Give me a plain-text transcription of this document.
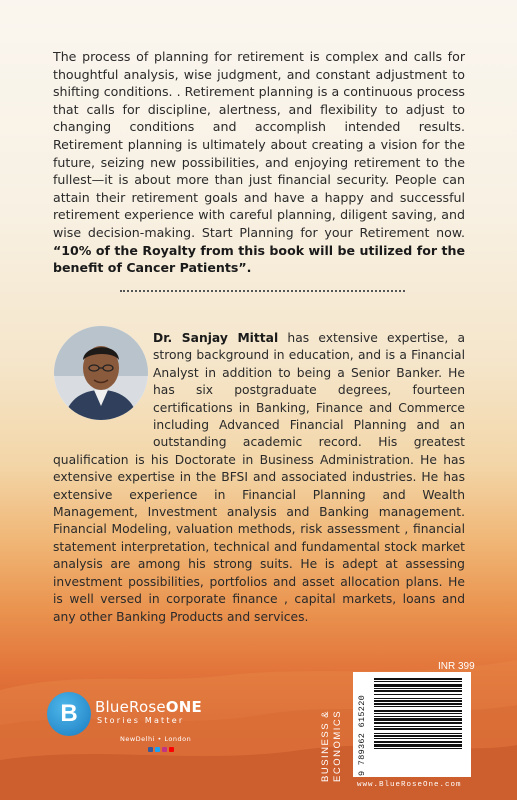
The process of planning for retirement is complex and calls for thoughtful analysis, wise judgment, and constant adjustment to shifting conditions. . Retirement planning is a continuous process that calls for discipline, alertness, and flexibility to adjust to changing conditions and accomplish intended results. Retirement planning is ultimately about creating a vision for the future, seizing new possibilities, and enjoying retirement to the fullest—it is about more than just financial security. People can attain their retirement goals and have a happy and successful retirement experience with careful planning, diligent saving, and wise decision-making. Start Planning for your Retirement now. “10% of the Royalty from this book will be utilized for the benefit of Cancer Patients”.

Dr. Sanjay Mittal has extensive expertise, a strong background in education, and is a Financial Analyst in addition to being a Senior Banker. He has six postgraduate degrees, fourteen certifications in Banking, Finance and Commerce including Advanced Financial Planning and an outstanding academic record. His greatest qualification is his Doctorate in Business Administration. He has extensive expertise in the BFSI and associated industries. He has extensive experience in Financial Planning and Wealth Management, Investment analysis and Banking management. Financial Modeling, valuation methods, risk assessment , financial statement interpretation, technical and fundamental stock market analysis are among his strong suits. He is adept at assessing investment possibilities, portfolios and asset allocation plans. He is well versed in corporate finance , capital markets, loans and any other Banking Products and services.

B BlueRoseONE
Stories Matter
NewDelhi • London
INR 399
BUSINESS &
ECONOMICS	9 789362 615220
www.BlueRoseOne.com
